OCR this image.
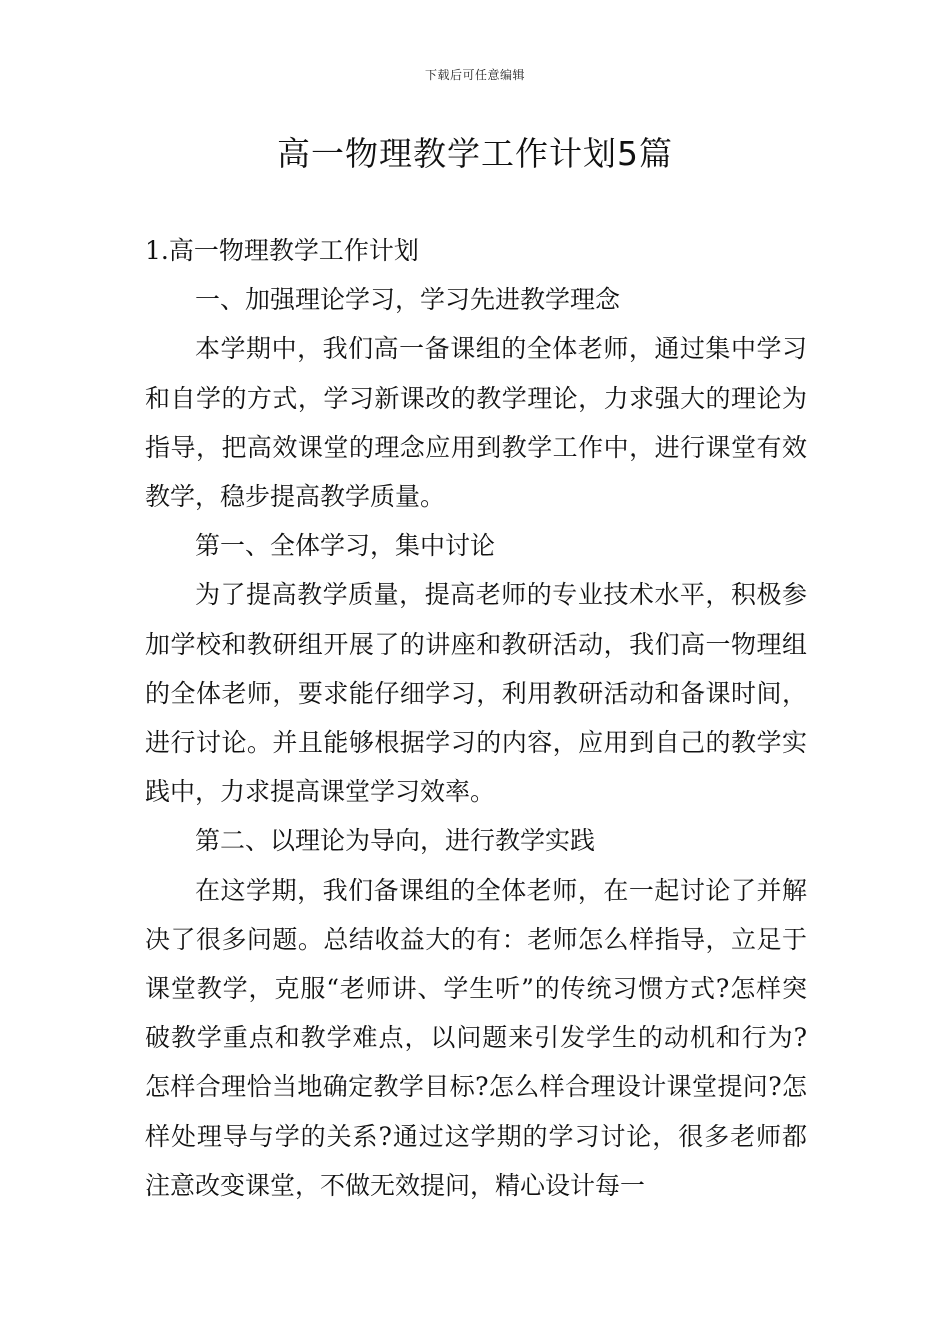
下载后可任意编辑
高一物理教学工作计划5篇

1.高一物理教学工作计划

一、加强理论学习，学习先进教学理念

本学期中，我们高一备课组的全体老师，通过集中学习和自学的方式，学习新课改的教学理论，力求强大的理论为指导，把高效课堂的理念应用到教学工作中，进行课堂有效教学，稳步提高教学质量。

第一、全体学习，集中讨论

为了提高教学质量，提高老师的专业技术水平，积极参加学校和教研组开展了的讲座和教研活动，我们高一物理组的全体老师，要求能仔细学习，利用教研活动和备课时间，进行讨论。并且能够根据学习的内容，应用到自己的教学实践中，力求提高课堂学习效率。

第二、以理论为导向，进行教学实践

在这学期，我们备课组的全体老师，在一起讨论了并解决了很多问题。总结收益大的有：老师怎么样指导，立足于课堂教学，克服“老师讲、学生听”的传统习惯方式?怎样突破教学重点和教学难点，以问题来引发学生的动机和行为?怎样合理恰当地确定教学目标?怎么样合理设计课堂提问?怎样处理导与学的关系?通过这学期的学习讨论，很多老师都注意改变课堂，不做无效提问，精心设计每一
